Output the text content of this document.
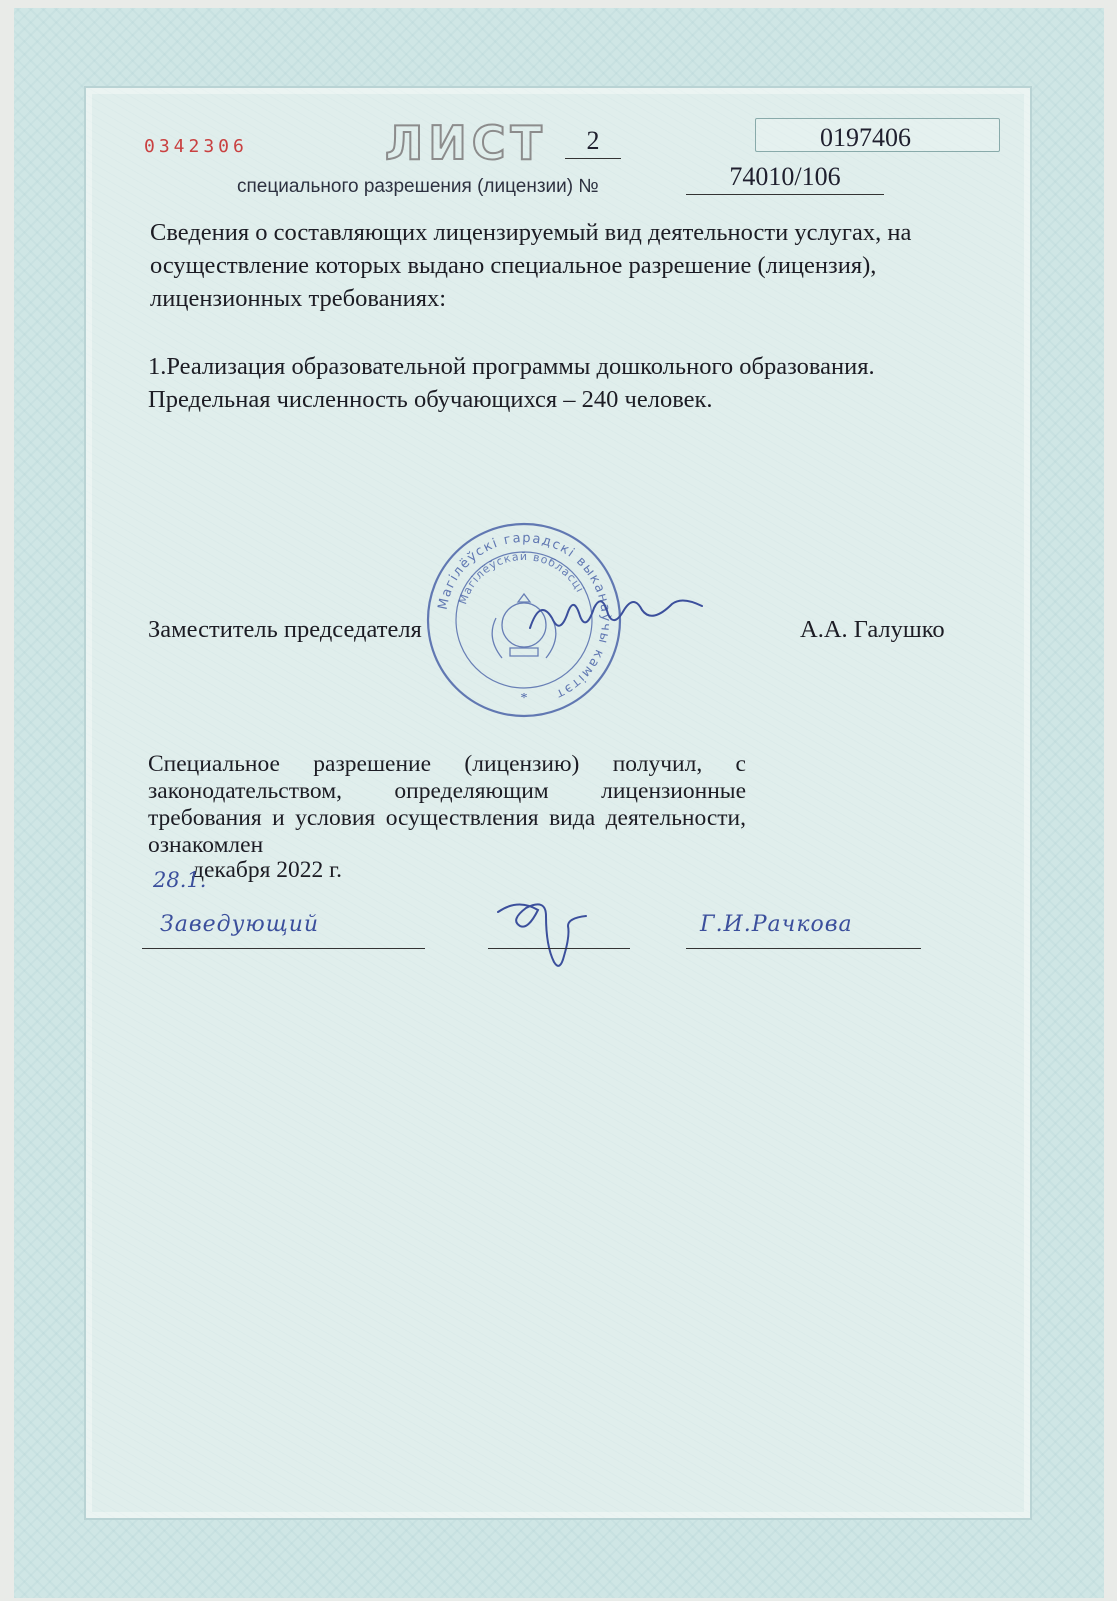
0342306	ЛИСТ	2	0197406
специального разрешения (лицензии) №	74010/106

Сведения о составляющих лицензируемый вид деятельности услугах, на осуществление которых выдано специальное разрешение (лицензия), лицензионных требованиях:

1.Реализация образовательной программы дошкольного образования.
Предельная численность обучающихся – 240 человек.
Магілёўскі гарадскі выканаўчы камітэт
Магілёўскай вобласці
*
Заместитель председателя	А.А. Галушко
Специальное разрешение (лицензию) получил, с законодательством, определяющим лицензионные требования и условия осуществления вида деятельности, ознакомлен
декабря 2022 г.
28.1.
Заведующий	Г.И.Рачкова
